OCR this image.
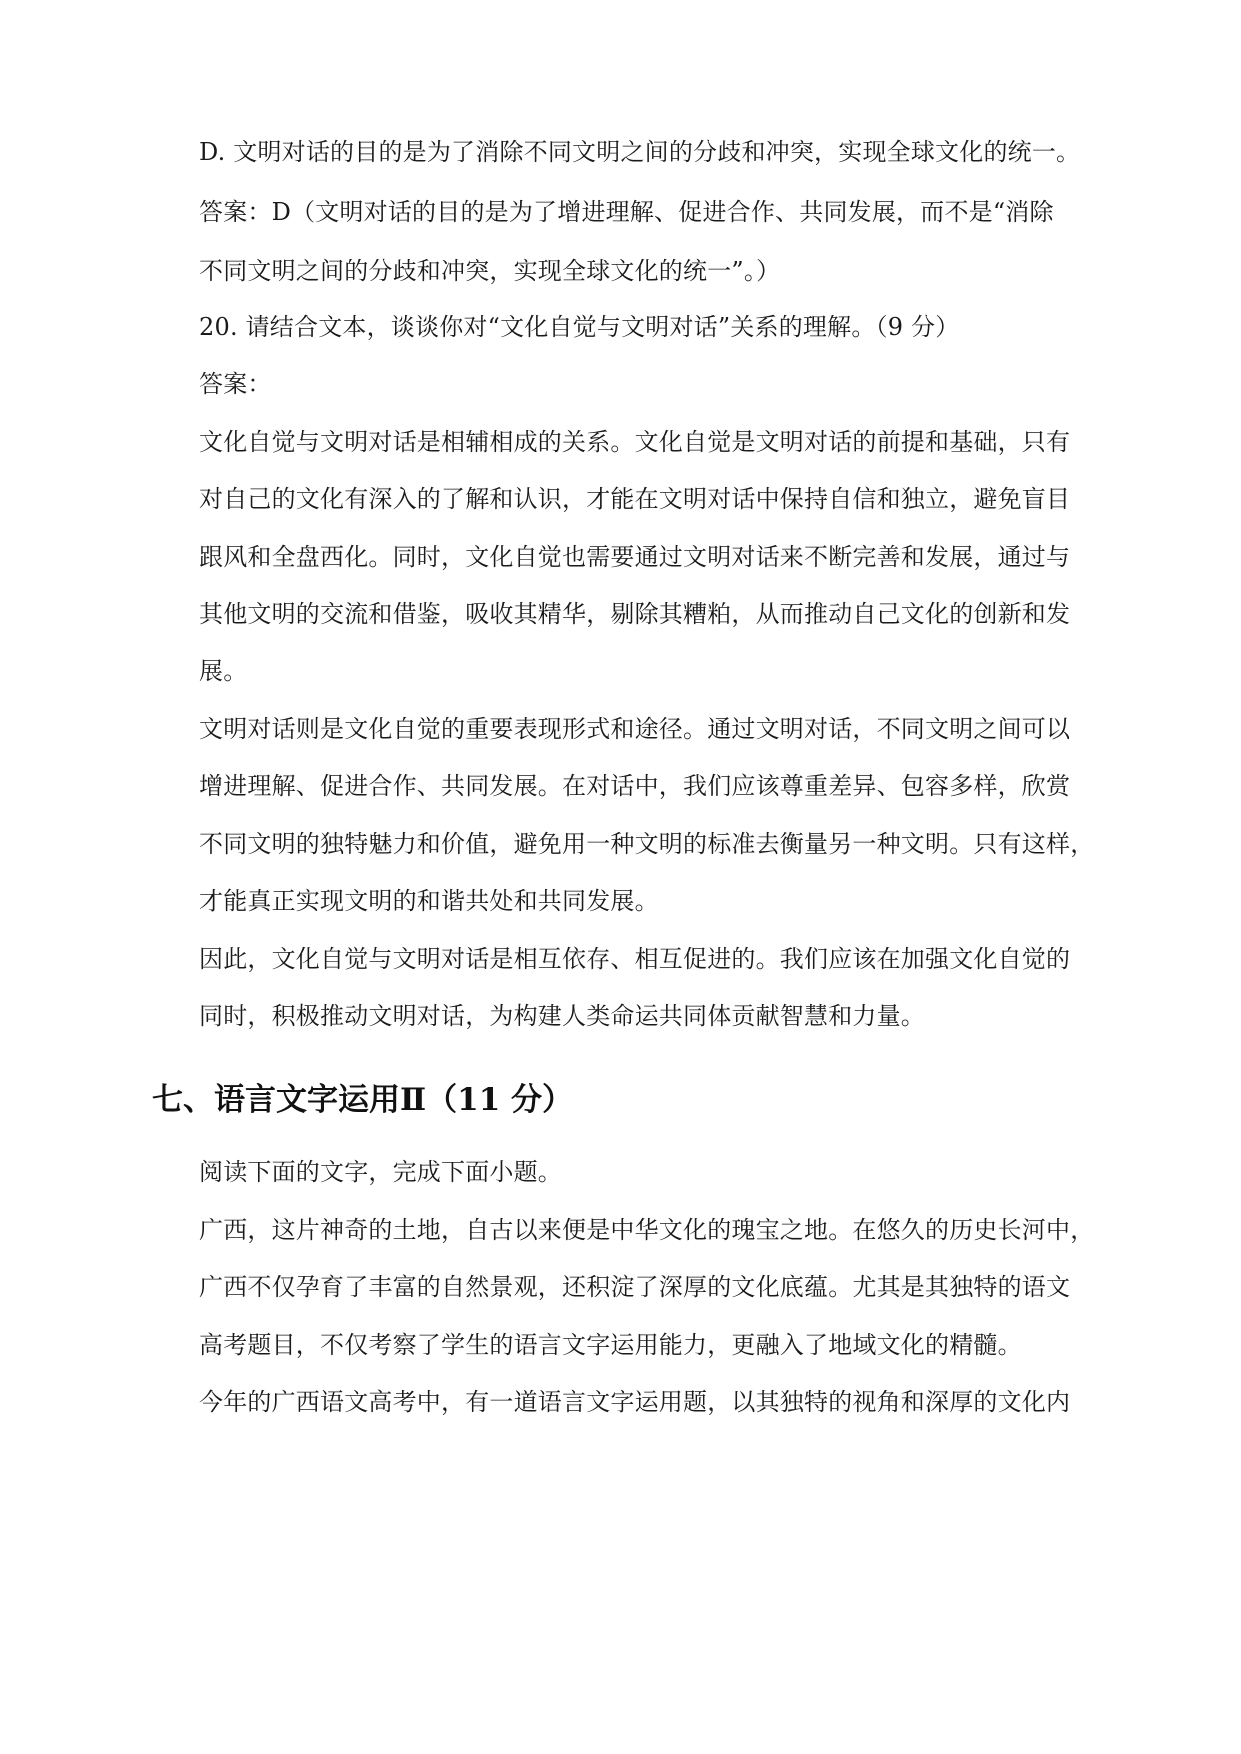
D. 文明对话的目的是为了消除不同文明之间的分歧和冲突，实现全球文化的统一。
答案：D（文明对话的目的是为了增进理解、促进合作、共同发展，而不是“消除
不同文明之间的分歧和冲突，实现全球文化的统一”。）
20. 请结合文本，谈谈你对“文化自觉与文明对话”关系的理解。（9 分）
答案：
文化自觉与文明对话是相辅相成的关系。文化自觉是文明对话的前提和基础，只有
对自己的文化有深入的了解和认识，才能在文明对话中保持自信和独立，避免盲目
跟风和全盘西化。同时，文化自觉也需要通过文明对话来不断完善和发展，通过与
其他文明的交流和借鉴，吸收其精华，剔除其糟粕，从而推动自己文化的创新和发
展。
文明对话则是文化自觉的重要表现形式和途径。通过文明对话，不同文明之间可以
增进理解、促进合作、共同发展。在对话中，我们应该尊重差异、包容多样，欣赏
不同文明的独特魅力和价值，避免用一种文明的标准去衡量另一种文明。只有这样，
才能真正实现文明的和谐共处和共同发展。
因此，文化自觉与文明对话是相互依存、相互促进的。我们应该在加强文化自觉的
同时，积极推动文明对话，为构建人类命运共同体贡献智慧和力量。
七、语言文字运用Ⅱ（11 分）
阅读下面的文字，完成下面小题。
广西，这片神奇的土地，自古以来便是中华文化的瑰宝之地。在悠久的历史长河中，
广西不仅孕育了丰富的自然景观，还积淀了深厚的文化底蕴。尤其是其独特的语文
高考题目，不仅考察了学生的语言文字运用能力，更融入了地域文化的精髓。
今年的广西语文高考中，有一道语言文字运用题，以其独特的视角和深厚的文化内
